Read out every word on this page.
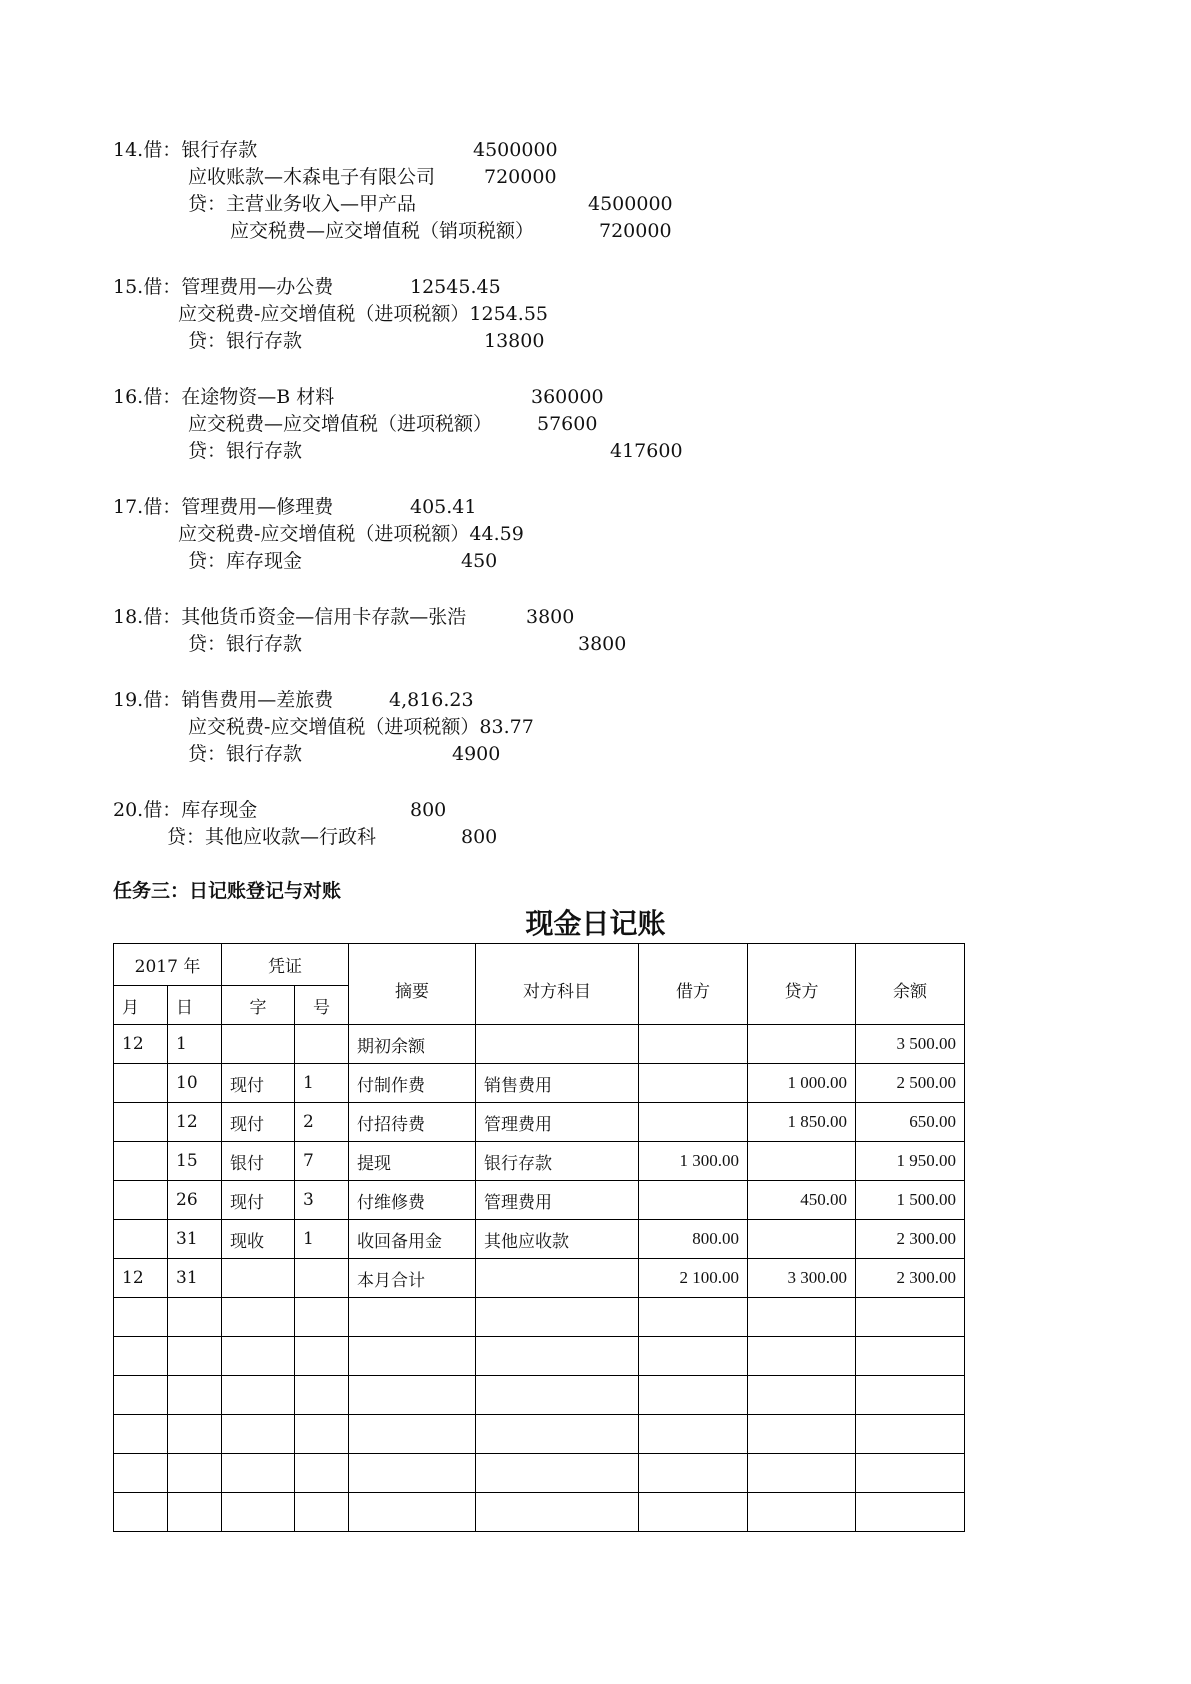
14.借：银行存款	4500000
应收账款—木森电子有限公司	720000
贷：主营业务收入—甲产品	4500000
应交税费—应交增值税（销项税额）	720000
15.借：管理费用—办公费	12545.45
应交税费-应交增值税（进项税额）1254.55
贷：银行存款	13800
16.借：在途物资—B 材料	360000
应交税费—应交增值税（进项税额） 57600
贷：银行存款	417600
17.借：管理费用—修理费	405.41
应交税费-应交增值税（进项税额）44.59
贷：库存现金	450
18.借：其他货币资金—信用卡存款—张浩	3800
贷：银行存款	3800
19.借：销售费用—差旅费	4,816.23
应交税费-应交增值税（进项税额）83.77
贷：银行存款	4900
20.借：库存现金	800
贷：其他应收款—行政科	800
任务三：日记账登记与对账
现金日记账
2017 年		凭证		摘要	对方科目	借方	贷方	余额
月	日	字	号					
12	1			期初余额				3 500.00
	10	现付	1	付制作费	销售费用		1 000.00	2 500.00
	12	现付	2	付招待费	管理费用		1 850.00	650.00
	15	银付	7	提现	银行存款	1 300.00		1 950.00
	26	现付	3	付维修费	管理费用		450.00	1 500.00
	31	现收	1	收回备用金	其他应收款	800.00		2 300.00
12	31			本月合计		2 100.00	3 300.00	2 300.00
